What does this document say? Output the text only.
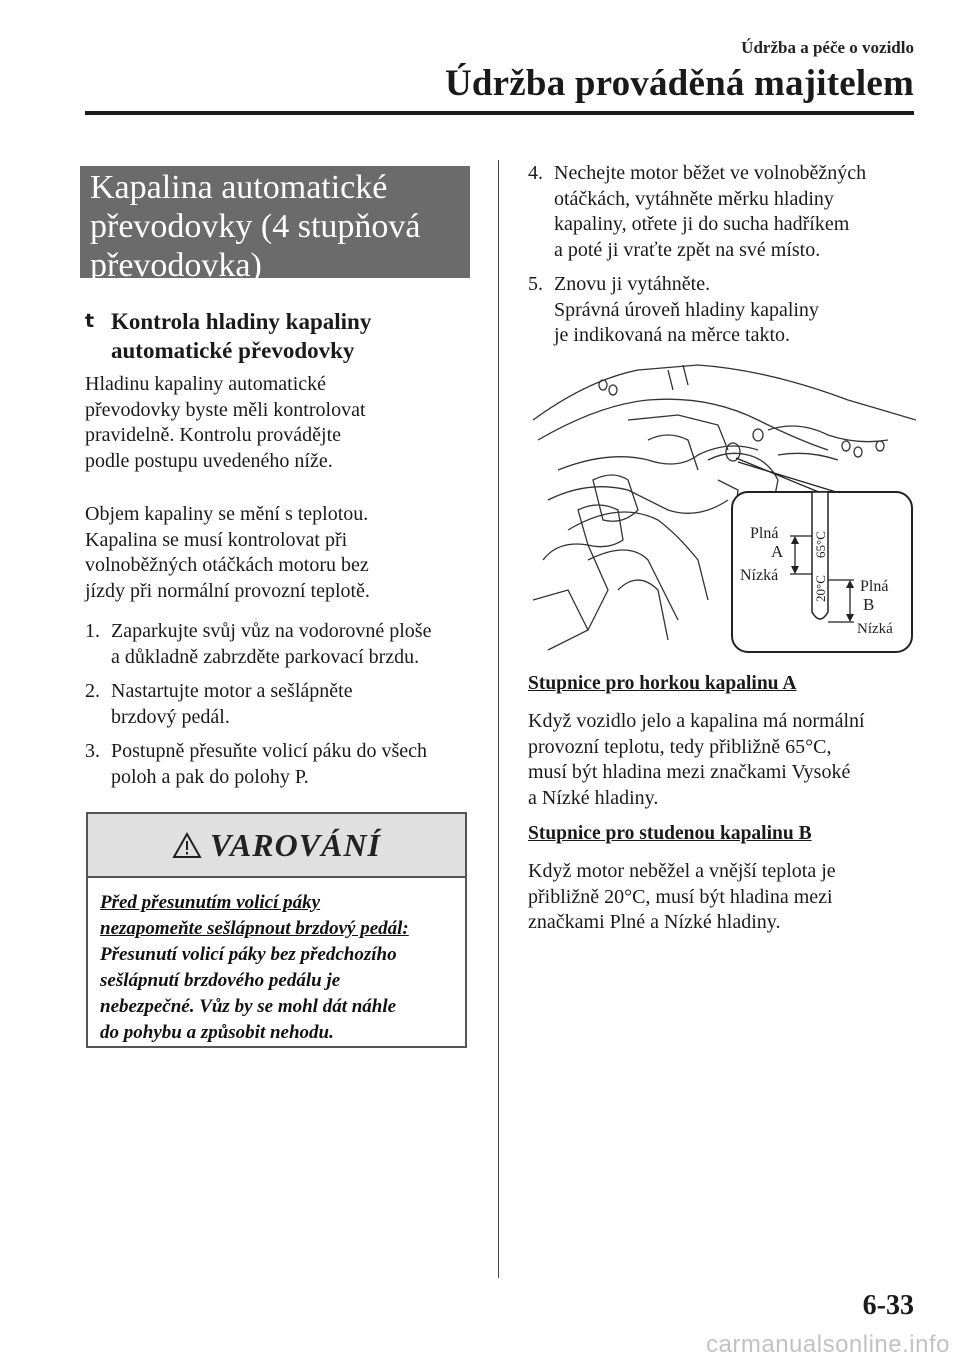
Údržba a péče o vozidlo
Údržba prováděná majitelem
Kapalina automatické
převodovky (4 stupňová
převodovka)
t Kontrola hladiny kapaliny
automatické převodovky
Hladinu kapaliny automatické
převodovky byste měli kontrolovat
pravidelně. Kontrolu provádějte
podle postupu uvedeného níže.
Objem kapaliny se mění s teplotou.
Kapalina se musí kontrolovat při
volnoběžných otáčkách motoru bez
jízdy při normální provozní teplotě.
1. Zaparkujte svůj vůz na vodorovné ploše
a důkladně zabrzděte parkovací brzdu.
2. Nastartujte motor a sešlápněte
brzdový pedál.
3. Postupně přesuňte volicí páku do všech
poloh a pak do polohy P.
VAROVÁNÍ
Před přesunutím volicí páky
nezapomeňte sešlápnout brzdový pedál:
Přesunutí volicí páky bez předchozího
sešlápnutí brzdového pedálu je
nebezpečné. Vůz by se mohl dát náhle
do pohybu a způsobit nehodu.
4. Nechejte motor běžet ve volnoběžných
otáčkách, vytáhněte měrku hladiny
kapaliny, otřete ji do sucha hadříkem
a poté ji vraťte zpět na své místo.
5. Znovu ji vytáhněte.
Správná úroveň hladiny kapaliny
je indikovaná na měrce takto.
65°C
20°C
Plná
A
Nízká
Plná
B
Nízká
Stupnice pro horkou kapalinu A
Když vozidlo jelo a kapalina má normální
provozní teplotu, tedy přibližně 65°C,
musí být hladina mezi značkami Vysoké
a Nízké hladiny.
Stupnice pro studenou kapalinu B
Když motor neběžel a vnější teplota je
přibližně 20°C, musí být hladina mezi
značkami Plné a Nízké hladiny.
6-33
carmanualsonline.info
